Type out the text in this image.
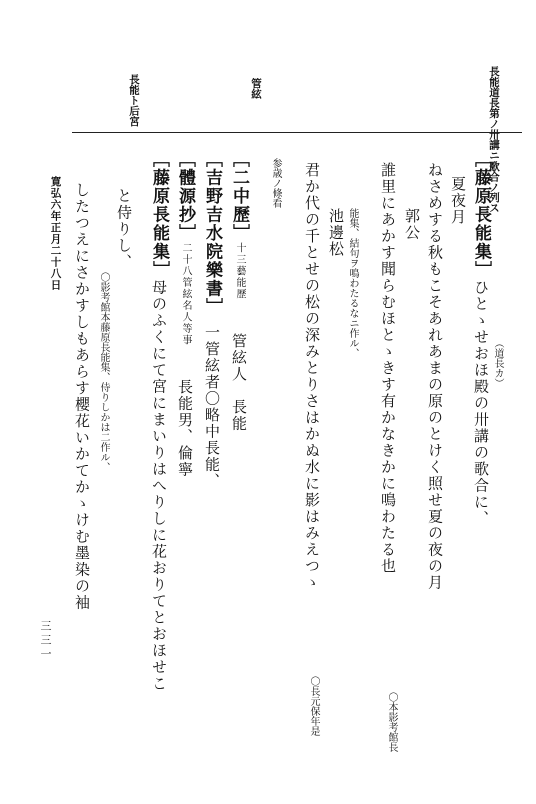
長能道長第ノ卅講ニ歌合ノ列ス
管絃
長能ト后宮
［藤原長能集］ひとゝせおほ殿の卅講の歌合に、 （道長カ）
夏夜月
ねさめする秋もこそあれあまの原のとけく照せ夏の夜の月
郭公
誰里にあかす聞らむほとゝきす有かなきかに鳴わたる也
〇本影考館長
能集、結句ヲ鳴わたるなニ作ル、
池邊松
君か代の千とせの松の深みとりさはかぬ水に影はみえつゝ
〇長元保年是
参歳ノ條看
［二中歷］十三藝能歷　　管絃人　長能
［吉野吉水院樂書］　一管絃者〇略中長能、
［體源抄］二十八管絃名人等事　　長能男、倫寧
［藤原長能集］母のふくにて宮にまいりはへりしに花おりてとおほせこ
と侍りし、
〇影考館本藤原長能集、侍りしかは二作ル、
したつえにさかすしもあらす櫻花いかてかゝけむ墨染の袖
寛弘六年正月二十八日
三三一
